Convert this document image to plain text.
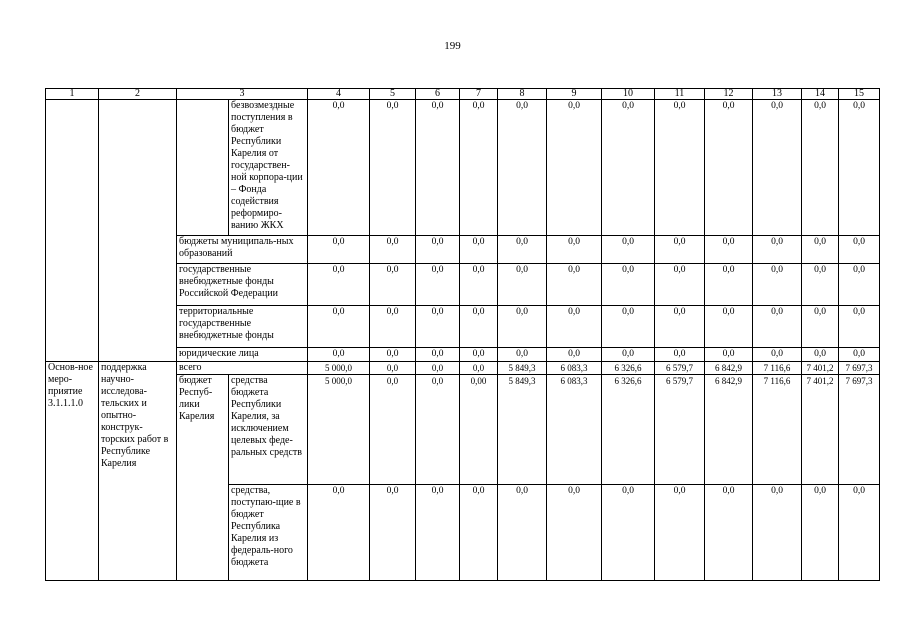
199
1	2	3		4	5	6	7	8	9	10	11	12	13	14	15
			безвозмездные поступления в бюджет Республики Карелия от государствен-ной корпора-ции – Фонда содействия реформиро-ванию ЖКХ	0,0	0,0	0,0	0,0	0,0	0,0	0,0	0,0	0,0	0,0	0,0	0,0
		бюджеты муниципаль-ных образований		0,0	0,0	0,0	0,0	0,0	0,0	0,0	0,0	0,0	0,0	0,0	0,0
		государственные внебюджетные фонды Российской Федерации		0,0	0,0	0,0	0,0	0,0	0,0	0,0	0,0	0,0	0,0	0,0	0,0
		территориальные государственные внебюджетные фонды		0,0	0,0	0,0	0,0	0,0	0,0	0,0	0,0	0,0	0,0	0,0	0,0
		юридические лица		0,0	0,0	0,0	0,0	0,0	0,0	0,0	0,0	0,0	0,0	0,0	0,0
Основ-ное меро-приятие 3.1.1.1.0	поддержка научно-исследова-тельских и опытно-конструк-торских работ в Республике Карелия	всего		5 000,0	0,0	0,0	0,0	5 849,3	6 083,3	6 326,6	6 579,7	6 842,9	7 116,6	7 401,2	7 697,3
		бюджет Респуб-лики Карелия	средства бюджета Республики Карелия, за исключением целевых феде-ральных средств	5 000,0	0,0	0,0	0,00	5 849,3	6 083,3	6 326,6	6 579,7	6 842,9	7 116,6	7 401,2	7 697,3
			средства, поступаю-щие в бюджет Республика Карелия из федераль-ного бюджета	0,0	0,0	0,0	0,0	0,0	0,0	0,0	0,0	0,0	0,0	0,0	0,0
